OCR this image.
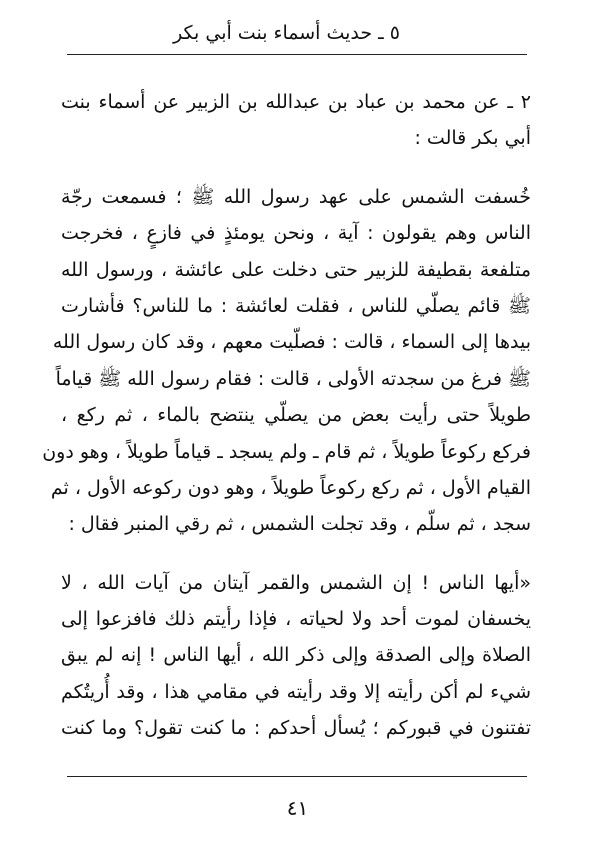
٥ ـ حديث أسماء بنت أبي بكر
٢ ـ عن محمد بن عباد بن عبدالله بن الزبير عن أسماء بنت
أبي بكر قالت :
خُسفت الشمس على عهد رسول الله ﷺ ؛ فسمعت رجّة
الناس وهم يقولون : آية ، ونحن يومئذٍ في فازعٍ ، فخرجت
متلفعة بقطيفة للزبير حتى دخلت على عائشة ، ورسول الله
ﷺ قائم يصلّي للناس ، فقلت لعائشة : ما للناس؟ فأشارت
بيدها إلى السماء ، قالت : فصلّيت معهم ، وقد كان رسول الله
ﷺ فرغ من سجدته الأولى ، قالت : فقام رسول الله ﷺ قياماً
طويلاً حتى رأيت بعض من يصلّي ينتضح بالماء ، ثم ركع ،
فركع ركوعاً طويلاً ، ثم قام ـ ولم يسجد ـ قياماً طويلاً ، وهو دون
القيام الأول ، ثم ركع ركوعاً طويلاً ، وهو دون ركوعه الأول ، ثم
سجد ، ثم سلّم ، وقد تجلت الشمس ، ثم رقي المنبر فقال :
«أيها الناس ! إن الشمس والقمر آيتان من آيات الله ، لا
يخسفان لموت أحد ولا لحياته ، فإذا رأيتم ذلك فافزعوا إلى
الصلاة وإلى الصدقة وإلى ذكر الله ، أيها الناس ! إنه لم يبق
شيء لم أكن رأيته إلا وقد رأيته في مقامي هذا ، وقد أُريتُكم
تفتنون في قبوركم ؛ يُسأل أحدكم : ما كنت تقول؟ وما كنت
٤١
